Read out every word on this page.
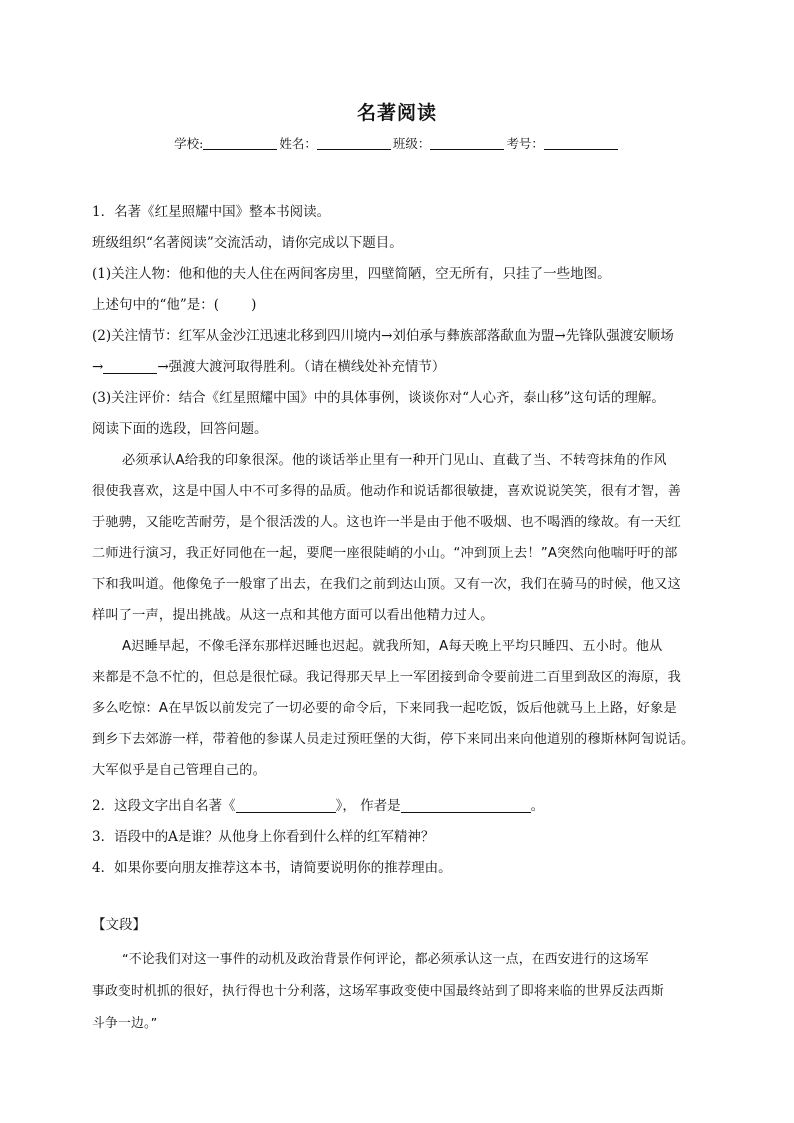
名著阅读
学校:	姓名：	班级：	考号：
1．名著《红星照耀中国》整本书阅读。
班级组织“名著阅读”交流活动，请你完成以下题目。
(1)关注人物：他和他的夫人住在两间客房里，四壁简陋，空无所有，只挂了一些地图。
上述句中的“他”是：( )
(2)关注情节：红军从金沙江迅速北移到四川境内→刘伯承与彝族部落歃血为盟→先锋队强渡安顺场
→	→强渡大渡河取得胜利。（请在横线处补充情节）
(3)关注评价：结合《红星照耀中国》中的具体事例，谈谈你对“人心齐，泰山移”这句话的理解。
阅读下面的选段，回答问题。
必须承认A给我的印象很深。他的谈话举止里有一种开门见山、直截了当、不转弯抹角的作风
很使我喜欢，这是中国人中不可多得的品质。他动作和说话都很敏捷，喜欢说说笑笑，很有才智，善
于驰骋，又能吃苦耐劳，是个很活泼的人。这也许一半是由于他不吸烟、也不喝酒的缘故。有一天红
二师进行演习，我正好同他在一起，要爬一座很陡峭的小山。“冲到顶上去！”A突然向他喘吁吁的部
下和我叫道。他像兔子一般窜了出去，在我们之前到达山顶。又有一次，我们在骑马的时候，他又这
样叫了一声，提出挑战。从这一点和其他方面可以看出他精力过人。
A迟睡早起，不像毛泽东那样迟睡也迟起。就我所知，A每天晚上平均只睡四、五小时。他从
来都是不急不忙的，但总是很忙碌。我记得那天早上一军团接到命令要前进二百里到敌区的海原，我
多么吃惊：A在早饭以前发完了一切必要的命令后，下来同我一起吃饭，饭后他就马上上路，好象是
到乡下去郊游一样，带着他的参谋人员走过预旺堡的大街，停下来同出来向他道别的穆斯林阿訇说话。
大军似乎是自己管理自己的。
2．这段文字出自名著《	》， 作者是	。
3．语段中的A是谁？从他身上你看到什么样的红军精神？
4．如果你要向朋友推荐这本书，请简要说明你的推荐理由。
【文段】
“不论我们对这一事件的动机及政治背景作何评论，都必须承认这一点，在西安进行的这场军
事政变时机抓的很好，执行得也十分利落，这场军事政变使中国最终站到了即将来临的世界反法西斯
斗争一边。”
